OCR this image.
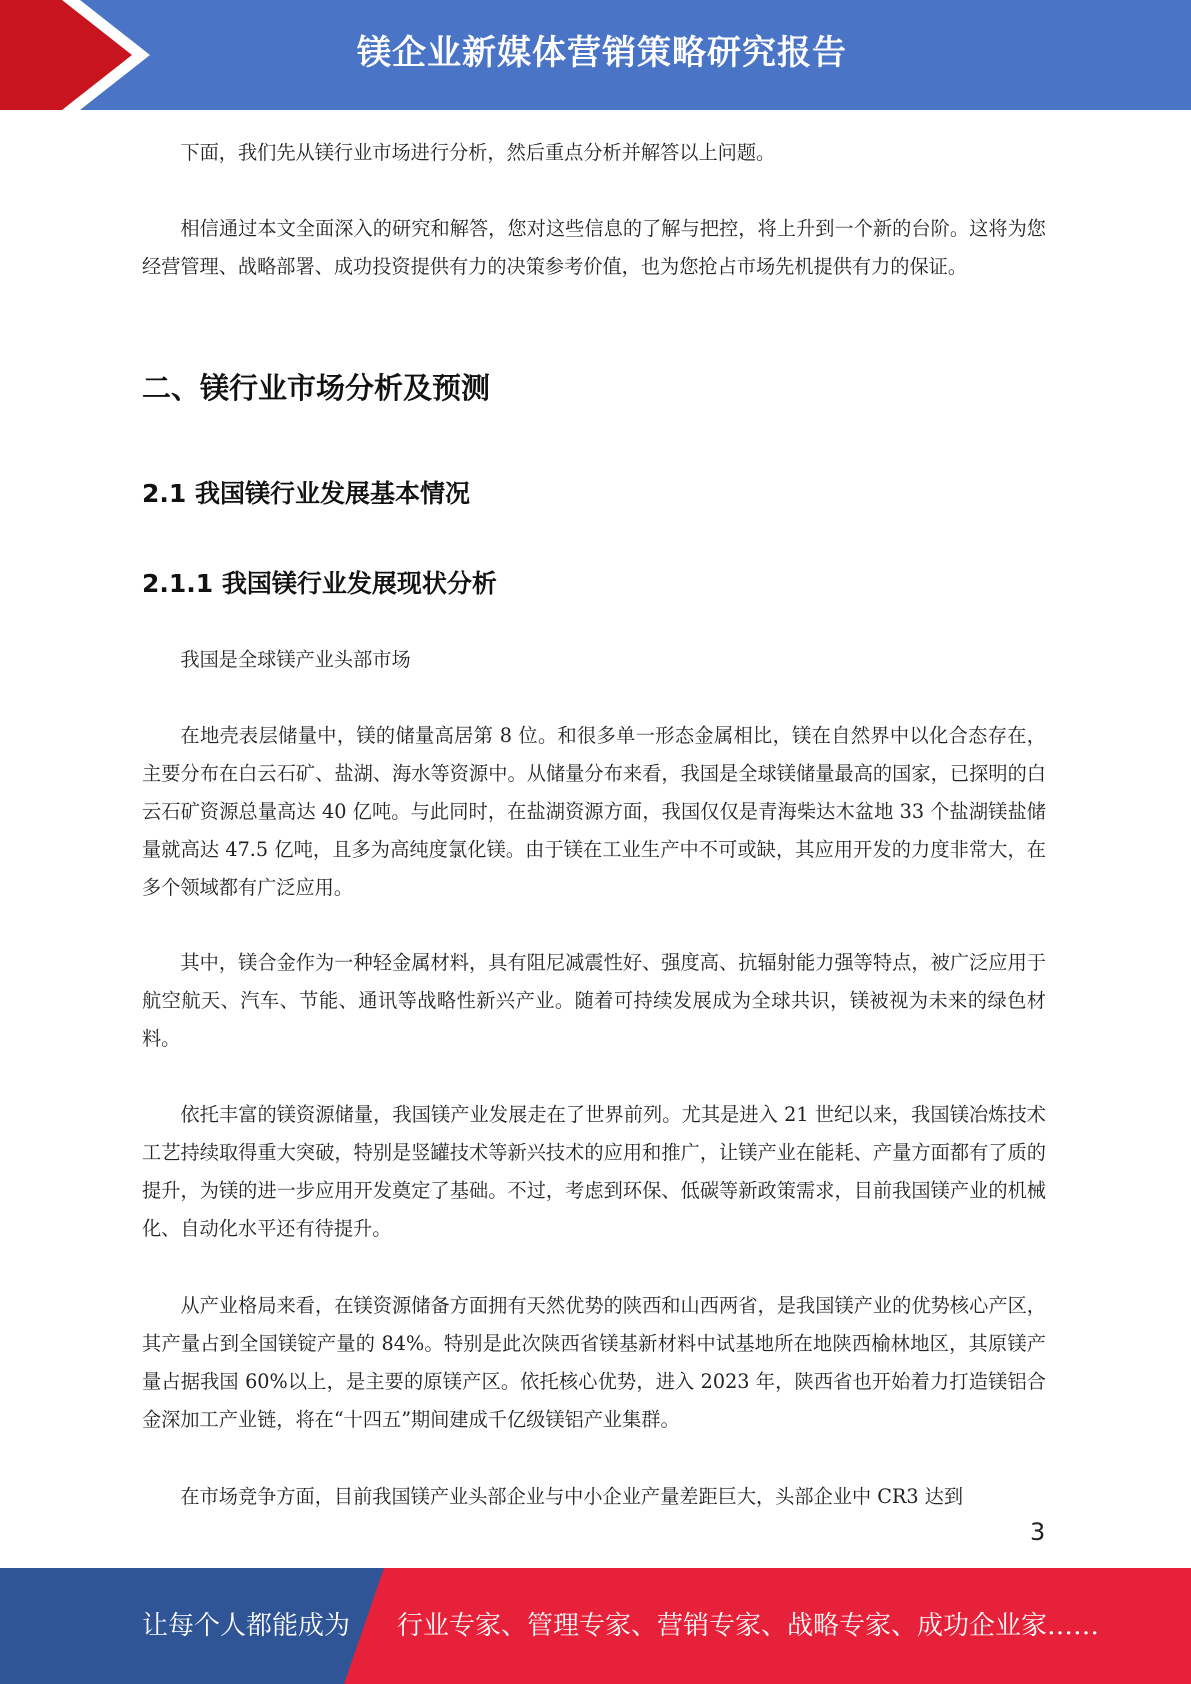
镁企业新媒体营销策略研究报告

下面，我们先从镁行业市场进行分析，然后重点分析并解答以上问题。

相信通过本文全面深入的研究和解答，您对这些信息的了解与把控，将上升到一个新的台阶。这将为您经营管理、战略部署、成功投资提供有力的决策参考价值，也为您抢占市场先机提供有力的保证。

二、镁行业市场分析及预测
2.1 我国镁行业发展基本情况
2.1.1 我国镁行业发展现状分析

我国是全球镁产业头部市场

在地壳表层储量中，镁的储量高居第 8 位。和很多单一形态金属相比，镁在自然界中以化合态存在，主要分布在白云石矿、盐湖、海水等资源中。从储量分布来看，我国是全球镁储量最高的国家，已探明的白云石矿资源总量高达 40 亿吨。与此同时，在盐湖资源方面，我国仅仅是青海柴达木盆地 33 个盐湖镁盐储量就高达 47.5 亿吨，且多为高纯度氯化镁。由于镁在工业生产中不可或缺，其应用开发的力度非常大，在多个领域都有广泛应用。

其中，镁合金作为一种轻金属材料，具有阻尼减震性好、强度高、抗辐射能力强等特点，被广泛应用于航空航天、汽车、节能、通讯等战略性新兴产业。随着可持续发展成为全球共识，镁被视为未来的绿色材料。

依托丰富的镁资源储量，我国镁产业发展走在了世界前列。尤其是进入 21 世纪以来，我国镁冶炼技术工艺持续取得重大突破，特别是竖罐技术等新兴技术的应用和推广，让镁产业在能耗、产量方面都有了质的提升，为镁的进一步应用开发奠定了基础。不过，考虑到环保、低碳等新政策需求，目前我国镁产业的机械化、自动化水平还有待提升。

从产业格局来看，在镁资源储备方面拥有天然优势的陕西和山西两省，是我国镁产业的优势核心产区，其产量占到全国镁锭产量的 84%。特别是此次陕西省镁基新材料中试基地所在地陕西榆林地区，其原镁产量占据我国 60%以上，是主要的原镁产区。依托核心优势，进入 2023 年，陕西省也开始着力打造镁铝合金深加工产业链，将在“十四五”期间建成千亿级镁铝产业集群。

在市场竞争方面，目前我国镁产业头部企业与中小企业产量差距巨大，头部企业中 CR3 达到

3
让每个人都能成为 行业专家、管理专家、营销专家、战略专家、成功企业家……
